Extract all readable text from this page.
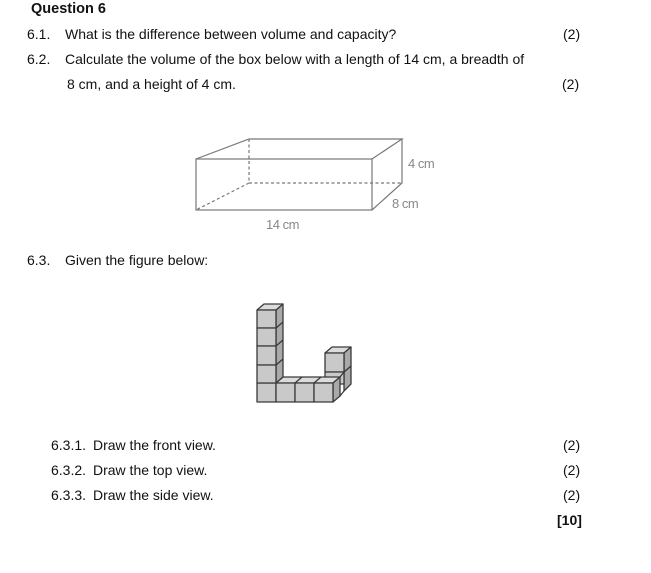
Question 6
6.1. What is the difference between volume and capacity?	(2)
6.2. Calculate the volume of the box below with a length of 14 cm, a breadth of
8 cm, and a height of 4 cm.	(2)
4 cm
8 cm
14 cm
6.3. Given the figure below:
6.3.1. Draw the front view.	(2)
6.3.2. Draw the top view.	(2)
6.3.3. Draw the side view.	(2)
[10]
